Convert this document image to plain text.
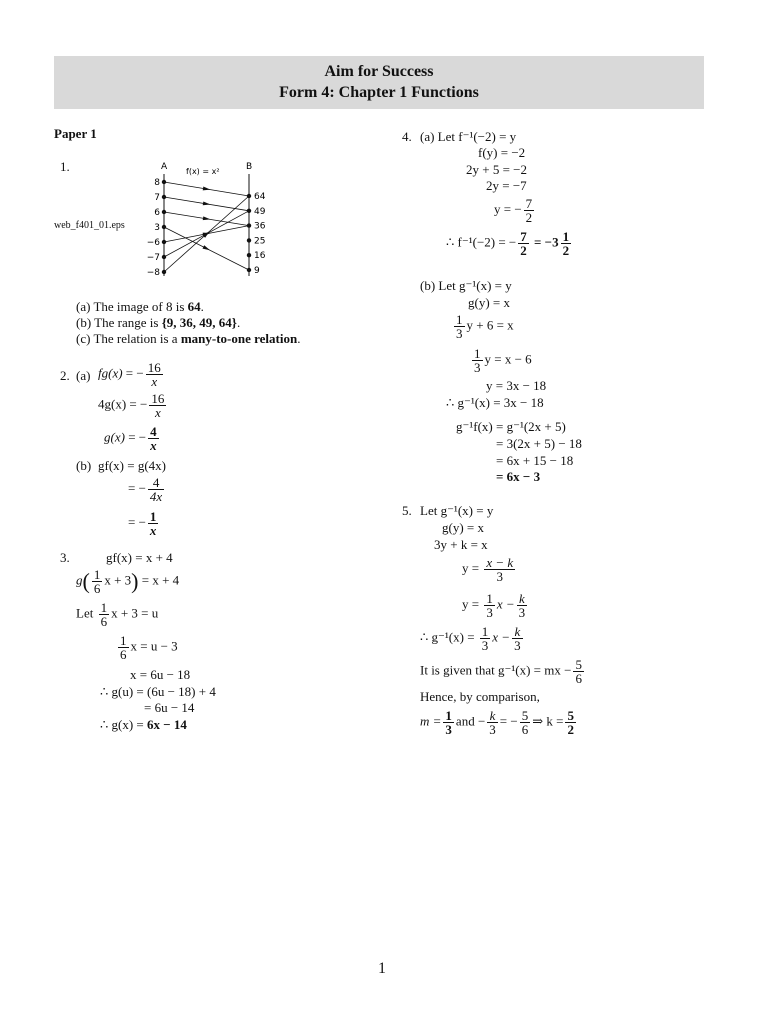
Aim for Success
Form 4: Chapter 1 Functions
Paper 1
1.
web_f401_01.eps
A	B
f(x) = x²
8
7
6
3
−6
−7
−8
64
49
36
25
16
9
(a) The image of 8 is 64.
(b) The range is {9, 36, 49, 64}.
(c) The relation is a many-to-one relation.
2. (a) fg(x) = − $\frac{16}{x}$
4g(x) = − $\frac{16}{x}$
g(x) = − $\frac{4}{x}$
(b) gf(x) = g(4x)
= − $\frac{4}{4x}$
= − $\frac{1}{x}$
3.	gf(x) = x + 4
$g( \frac{1}{6}$ x + 3) = x + 4
Let $\frac{1}{6}$ x + 3 = u
$\frac{1}{6}$ x = u − 3
x = 6u − 18
∴ g(u) = (6u − 18) + 4
= 6u − 14
∴ g(x) = 6x − 14
4. (a) Let f⁻¹(−2) = y
f(y) = −2
2y + 5 = −2
2y = −7
y = − $\frac{7}{2}$
∴ f⁻¹(−2) = − $\frac{7}{2} = -3 \frac{1}{2}$
(b) Let g⁻¹(x) = y
g(y) = x
$\frac{1}{3}$ y + 6 = x
$\frac{1}{3}$ y = x − 6
y = 3x − 18
∴ g⁻¹(x) = 3x − 18
g⁻¹f(x) = g⁻¹(2x + 5)
= 3(2x + 5) − 18
= 6x + 15 − 18
= 6x − 3
5. Let g⁻¹(x) = y
g(y) = x
3y + k = x
$y = \frac{x - k}{3}$
$y = \frac{1}{3}$ $x - \frac{k}{3}$
∴ $g^{-1}(x) = \frac{1}{3}$ $x - \frac{k}{3}$
It is given that g⁻¹(x) = mx − $\frac{5}{6}$
Hence, by comparison,
$m = \frac{1}{3}$ and − $\frac{k}{3}$ = − $\frac{5}{6}$ ⇒ $k = \frac{5}{2}$
1
